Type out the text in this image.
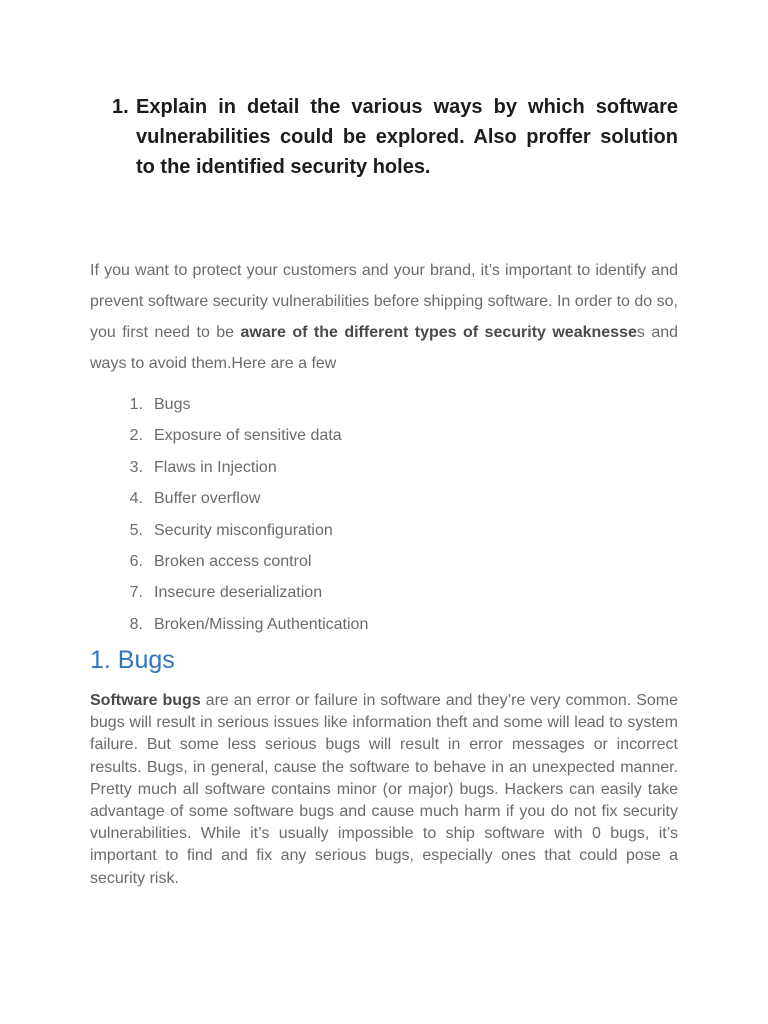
1. Explain in detail the various ways by which software vulnerabilities could be explored. Also proffer solution to the identified security holes.

If you want to protect your customers and your brand, it’s important to identify and prevent software security vulnerabilities before shipping software. In order to do so, you first need to be aware of the different types of security weaknesses and ways to avoid them.Here are a few

1. Bugs
2. Exposure of sensitive data
3. Flaws in Injection
4. Buffer overflow
5. Security misconfiguration
6. Broken access control
7. Insecure deserialization
8. Broken/Missing Authentication
1. Bugs

Software bugs are an error or failure in software and they’re very common. Some bugs will result in serious issues like information theft and some will lead to system failure. But some less serious bugs will result in error messages or incorrect results. Bugs, in general, cause the software to behave in an unexpected manner. Pretty much all software contains minor (or major) bugs. Hackers can easily take advantage of some software bugs and cause much harm if you do not fix security vulnerabilities. While it’s usually impossible to ship software with 0 bugs, it’s important to find and fix any serious bugs, especially ones that could pose a security risk.
